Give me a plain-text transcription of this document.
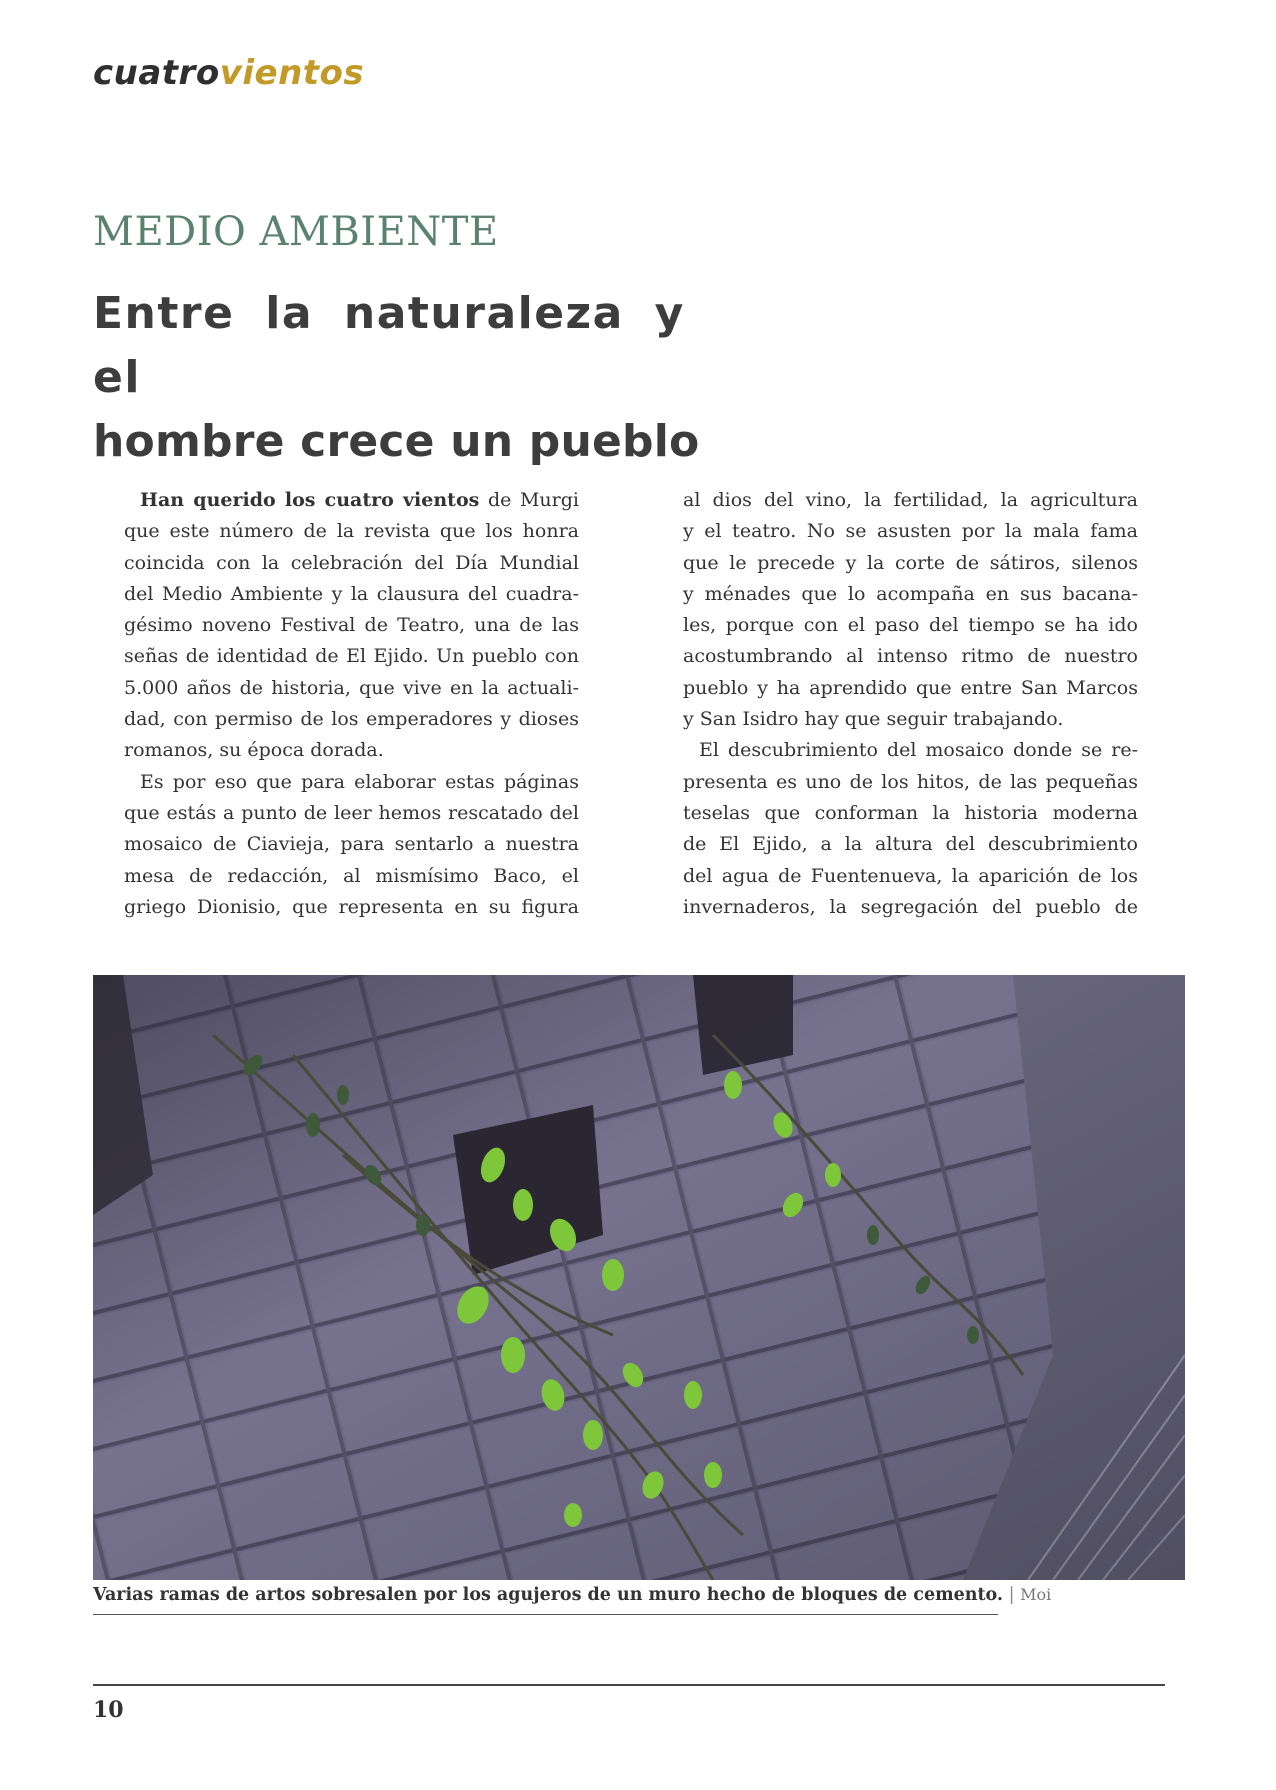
cuatrovientos
MEDIO AMBIENTE
Entre la naturaleza y el
hombre crece un pueblo

Han querido los cuatro vientos de Murgi
que este número de la revista que los honra
coincida con la celebración del Día Mundial
del Medio Ambiente y la clausura del cuadra-
gésimo noveno Festival de Teatro, una de las
señas de identidad de El Ejido. Un pueblo con
5.000 años de historia, que vive en la actuali-
dad, con permiso de los emperadores y dioses
romanos, su época dorada.

Es por eso que para elaborar estas páginas
que estás a punto de leer hemos rescatado del
mosaico de Ciavieja, para sentarlo a nuestra
mesa de redacción, al mismísimo Baco, el
griego Dionisio, que representa en su figura

al dios del vino, la fertilidad, la agricultura
y el teatro. No se asusten por la mala fama
que le precede y la corte de sátiros, silenos
y ménades que lo acompaña en sus bacana-
les, porque con el paso del tiempo se ha ido
acostumbrando al intenso ritmo de nuestro
pueblo y ha aprendido que entre San Marcos
y San Isidro hay que seguir trabajando.

El descubrimiento del mosaico donde se re-
presenta es uno de los hitos, de las pequeñas
teselas que conforman la historia moderna
de El Ejido, a la altura del descubrimiento
del agua de Fuentenueva, la aparición de los
invernaderos, la segregación del pueblo de

Varias ramas de artos sobresalen por los agujeros de un muro hecho de bloques de cemento. | Moi
10
